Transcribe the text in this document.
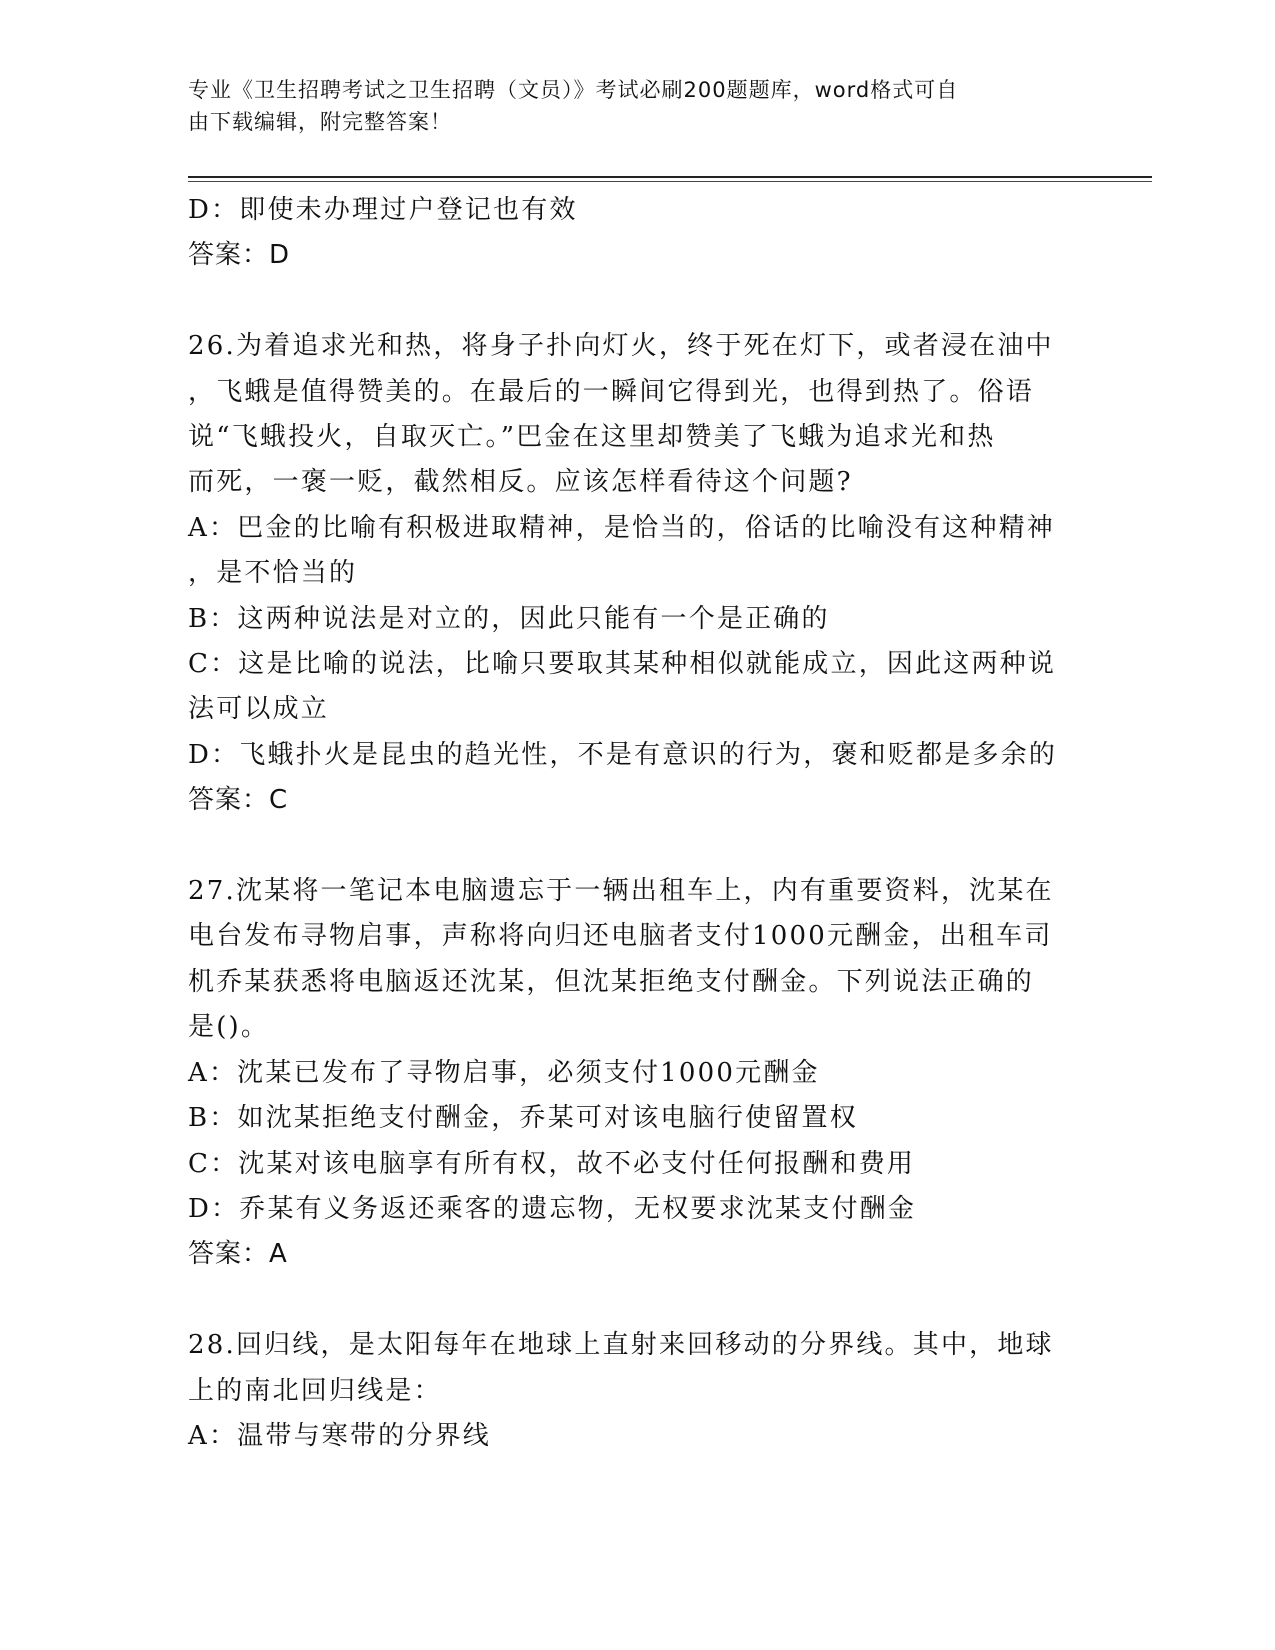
专业《卫生招聘考试之卫生招聘（文员）》考试必刷200题题库，word格式可自
由下载编辑，附完整答案！
D：即使未办理过户登记也有效
答案：D
26.为着追求光和热，将身子扑向灯火，终于死在灯下，或者浸在油中
，飞蛾是值得赞美的。在最后的一瞬间它得到光，也得到热了。俗语
说“飞蛾投火，自取灭亡。”巴金在这里却赞美了飞蛾为追求光和热
而死，一褒一贬，截然相反。应该怎样看待这个问题?
A：巴金的比喻有积极进取精神，是恰当的，俗话的比喻没有这种精神
，是不恰当的
B：这两种说法是对立的，因此只能有一个是正确的
C：这是比喻的说法，比喻只要取其某种相似就能成立，因此这两种说
法可以成立
D：飞蛾扑火是昆虫的趋光性，不是有意识的行为，褒和贬都是多余的
答案：C
27.沈某将一笔记本电脑遗忘于一辆出租车上，内有重要资料，沈某在
电台发布寻物启事，声称将向归还电脑者支付1000元酬金，出租车司
机乔某获悉将电脑返还沈某，但沈某拒绝支付酬金。下列说法正确的
是()。
A：沈某已发布了寻物启事，必须支付1000元酬金
B：如沈某拒绝支付酬金，乔某可对该电脑行使留置权
C：沈某对该电脑享有所有权，故不必支付任何报酬和费用
D：乔某有义务返还乘客的遗忘物，无权要求沈某支付酬金
答案：A
28.回归线，是太阳每年在地球上直射来回移动的分界线。其中，地球
上的南北回归线是：
A：温带与寒带的分界线
